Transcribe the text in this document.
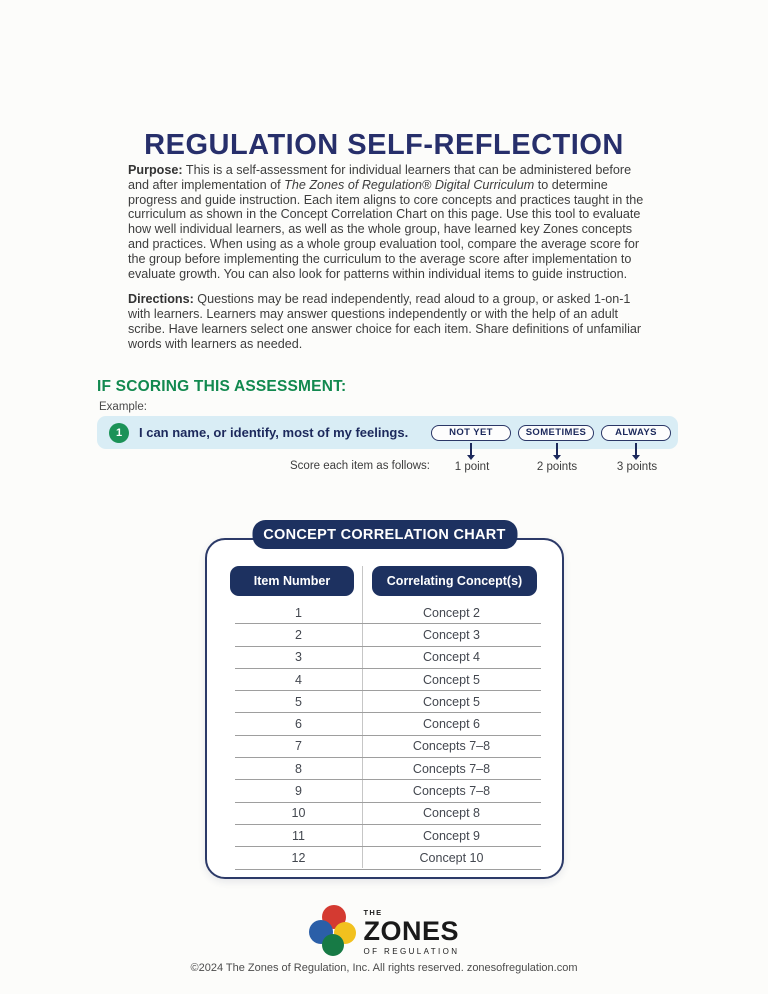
REGULATION SELF-REFLECTION

Purpose: This is a self-assessment for individual learners that can be administered before and after implementation of The Zones of Regulation® Digital Curriculum to determine progress and guide instruction. Each item aligns to core concepts and practices taught in the curriculum as shown in the Concept Correlation Chart on this page. Use this tool to evaluate how well individual learners, as well as the whole group, have learned key Zones concepts and practices. When using as a whole group evaluation tool, compare the average score for the group before implementing the curriculum to the average score after implementation to evaluate growth. You can also look for patterns within individual items to guide instruction.

Directions: Questions may be read independently, read aloud to a group, or asked 1-on-1 with learners. Learners may answer questions independently or with the help of an adult scribe. Have learners select one answer choice for each item. Share definitions of unfamiliar words with learners as needed.

IF SCORING THIS ASSESSMENT:
Example:
1	I can name, or identify, most of my feelings.	NOT YET	SOMETIMES	ALWAYS
Score each item as follows: 1 point	2 points	3 points
CONCEPT CORRELATION CHART
Item Number	Correlating Concept(s)
1	Concept 2
2	Concept 3
3	Concept 4
4	Concept 5
5	Concept 5
6	Concept 6
7	Concepts 7–8
8	Concepts 7–8
9	Concepts 7–8
10	Concept 8
11	Concept 9
12	Concept 10
THE
ZONES
OF REGULATION
©2024 The Zones of Regulation, Inc. All rights reserved. zonesofregulation.com
